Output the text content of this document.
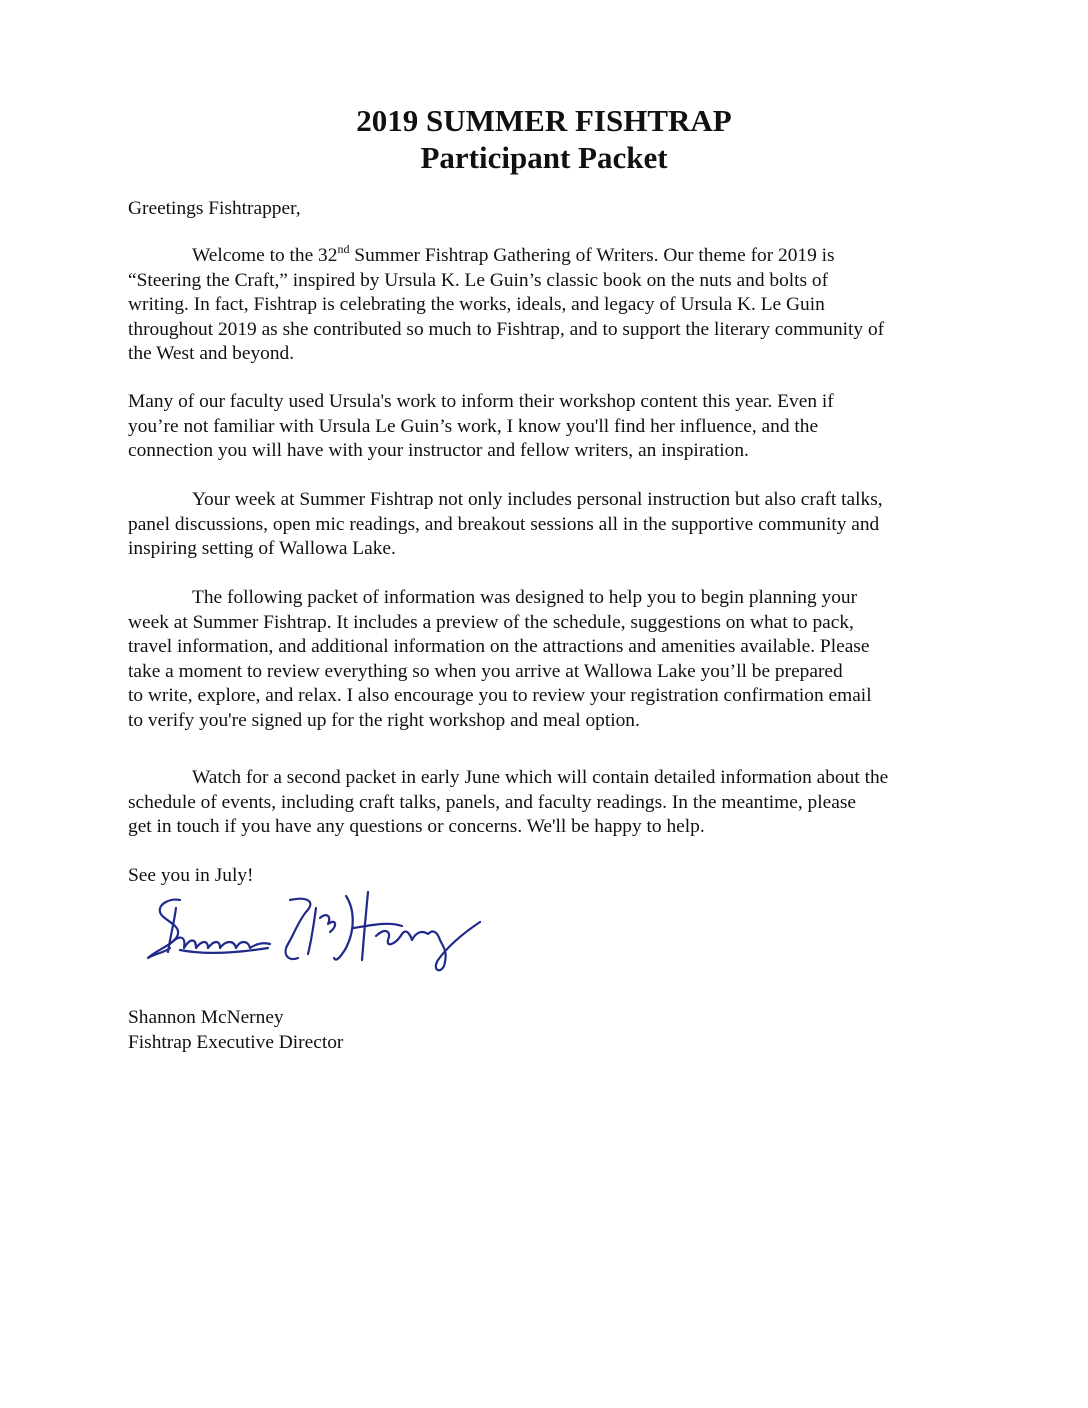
2019 SUMMER FISHTRAP
Participant Packet

Greetings Fishtrapper,

Welcome to the 32nd Summer Fishtrap Gathering of Writers. Our theme for 2019 is
“Steering the Craft,” inspired by Ursula K. Le Guin’s classic book on the nuts and bolts of
writing. In fact, Fishtrap is celebrating the works, ideals, and legacy of Ursula K. Le Guin
throughout 2019 as she contributed so much to Fishtrap, and to support the literary community of
the West and beyond.

Many of our faculty used Ursula's work to inform their workshop content this year. Even if
you’re not familiar with Ursula Le Guin’s work, I know you'll find her influence, and the
connection you will have with your instructor and fellow writers, an inspiration.

Your week at Summer Fishtrap not only includes personal instruction but also craft talks,
panel discussions, open mic readings, and breakout sessions all in the supportive community and
inspiring setting of Wallowa Lake.

The following packet of information was designed to help you to begin planning your
week at Summer Fishtrap. It includes a preview of the schedule, suggestions on what to pack,
travel information, and additional information on the attractions and amenities available. Please
take a moment to review everything so when you arrive at Wallowa Lake you’ll be prepared
to write, explore, and relax. I also encourage you to review your registration confirmation email
to verify you're signed up for the right workshop and meal option.

Watch for a second packet in early June which will contain detailed information about the
schedule of events, including craft talks, panels, and faculty readings. In the meantime, please
get in touch if you have any questions or concerns. We'll be happy to help.

See you in July!

Shannon McNerney
Fishtrap Executive Director
